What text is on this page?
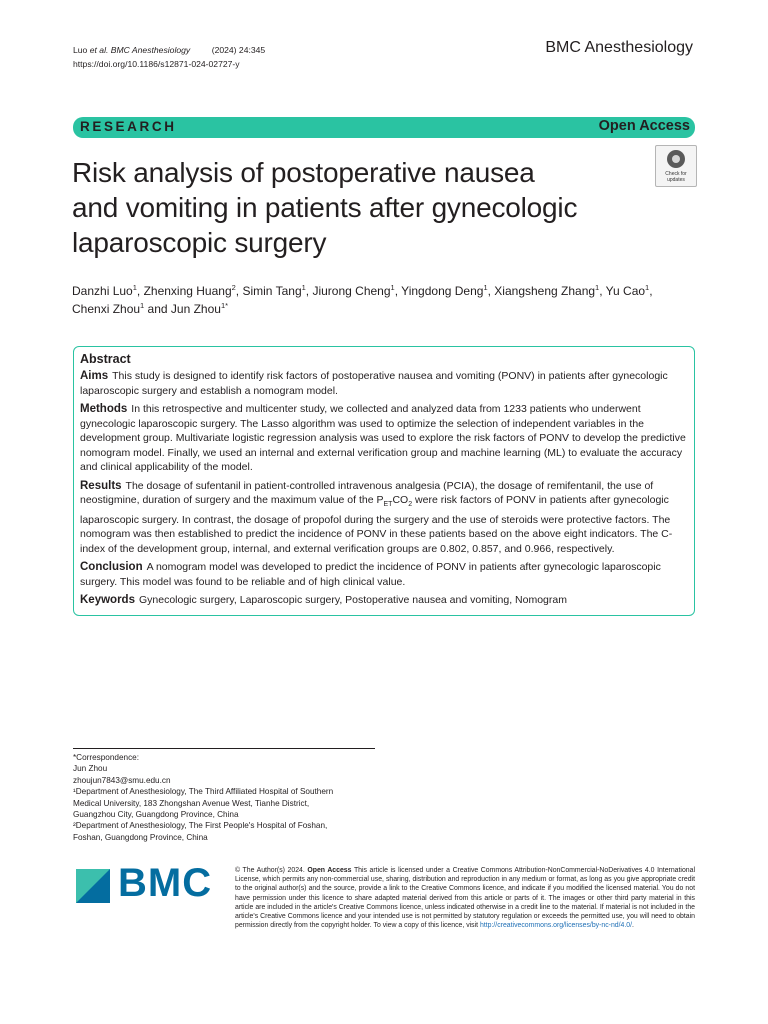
Luo et al. BMC Anesthesiology	(2024) 24:345
https://doi.org/10.1186/s12871-024-02727-y
BMC Anesthesiology
RESEARCH	Open Access
Risk analysis of postoperative nausea
and vomiting in patients after gynecologic
laparoscopic surgery
Check for
updates
Danzhi Luo$^1$, Zhenxing Huang$^2$, Simin Tang$^1$, Jiurong Cheng$^1$, Yingdong Deng$^1$, Xiangsheng Zhang$^1$, Yu Cao$^1$,
Chenxi Zhou$^1$ and Jun Zhou$^{1*}$
Abstract

Aims This study is designed to identify risk factors of postoperative nausea and vomiting (PONV) in patients after gynecologic laparoscopic surgery and establish a nomogram model.

Methods In this retrospective and multicenter study, we collected and analyzed data from 1233 patients who underwent gynecologic laparoscopic surgery. The Lasso algorithm was used to optimize the selection of independent variables in the development group. Multivariate logistic regression analysis was used to explore the risk factors of PONV to develop the predictive nomogram model. Finally, we used an internal and external verification group and machine learning (ML) to evaluate the accuracy and clinical applicability of the model.

Results The dosage of sufentanil in patient-controlled intravenous analgesia (PCIA), the dosage of remifentanil, the use of neostigmine, duration of surgery and the maximum value of the $P_{ET}CO_2$ were risk factors of PONV in patients after gynecologic laparoscopic surgery. In contrast, the dosage of propofol during the surgery and the use of steroids were protective factors. The nomogram was then established to predict the incidence of PONV in these patients based on the above eight indicators. The C-index of the development group, internal, and external verification groups are 0.802, 0.857, and 0.966, respectively.

Conclusion A nomogram model was developed to predict the incidence of PONV in patients after gynecologic laparoscopic surgery. This model was found to be reliable and of high clinical value.

Keywords Gynecologic surgery, Laparoscopic surgery, Postoperative nausea and vomiting, Nomogram

*Correspondence:
Jun Zhou
zhoujun7843@smu.edu.cn
¹Department of Anesthesiology, The Third Affiliated Hospital of Southern
Medical University, 183 Zhongshan Avenue West, Tianhe District,
Guangzhou City, Guangdong Province, China
²Department of Anesthesiology, The First People's Hospital of Foshan,
Foshan, Guangdong Province, China
BMC	© The Author(s) 2024. Open Access This article is licensed under a Creative Commons Attribution-NonCommercial-NoDerivatives 4.0 International License, which permits any non-commercial use, sharing, distribution and reproduction in any medium or format, as long as you give appropriate credit to the original author(s) and the source, provide a link to the Creative Commons licence, and indicate if you modified the licensed material. You do not have permission under this licence to share adapted material derived from this article or parts of it. The images or other third party material in this article are included in the article's Creative Commons licence, unless indicated otherwise in a credit line to the material. If material is not included in the article's Creative Commons licence and your intended use is not permitted by statutory regulation or exceeds the permitted use, you will need to obtain permission directly from the copyright holder. To view a copy of this licence, visit http://creativecommons.org/licenses/by-nc-nd/4.0/.
